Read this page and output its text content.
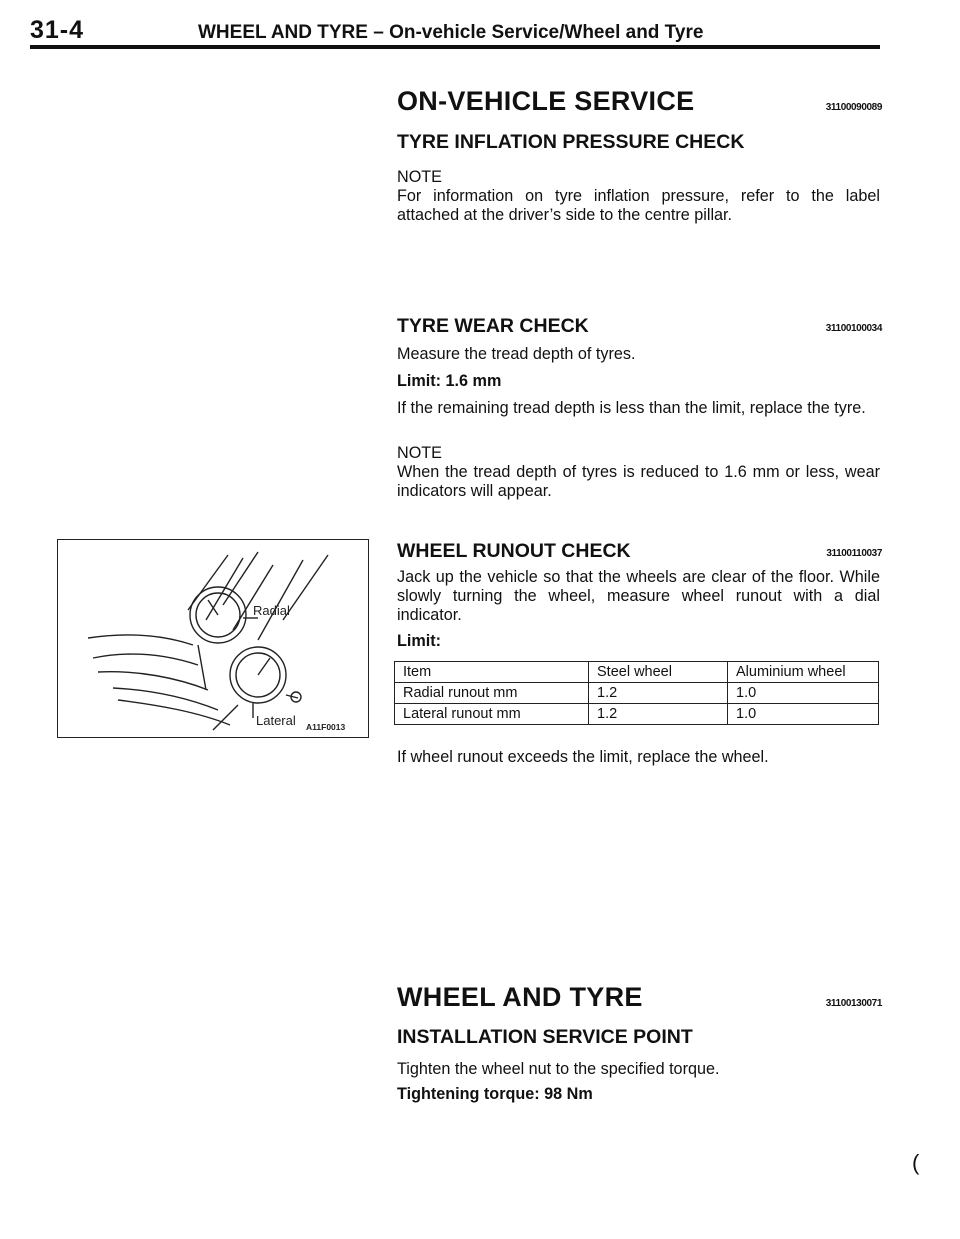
31-4	WHEEL AND TYRE – On-vehicle Service/Wheel and Tyre
ON-VEHICLE SERVICE	31100090089
TYRE INFLATION PRESSURE CHECK
NOTE
For information on tyre inflation pressure, refer to the label attached at the driver’s side to the centre pillar.
TYRE WEAR CHECK	31100100034
Measure the tread depth of tyres.
Limit: 1.6 mm
If the remaining tread depth is less than the limit, replace the tyre.
NOTE
When the tread depth of tyres is reduced to 1.6 mm or less, wear indicators will appear.
Radial
Lateral A11F0013
WHEEL RUNOUT CHECK	31100110037
Jack up the vehicle so that the wheels are clear of the floor. While slowly turning the wheel, measure wheel runout with a dial indicator.
Limit:
Item	Steel wheel	Aluminium wheel
Radial runout mm	1.2	1.0
Lateral runout mm	1.2	1.0
If wheel runout exceeds the limit, replace the wheel.
WHEEL AND TYRE	31100130071
INSTALLATION SERVICE POINT
Tighten the wheel nut to the specified torque.
Tightening torque: 98 Nm
(
